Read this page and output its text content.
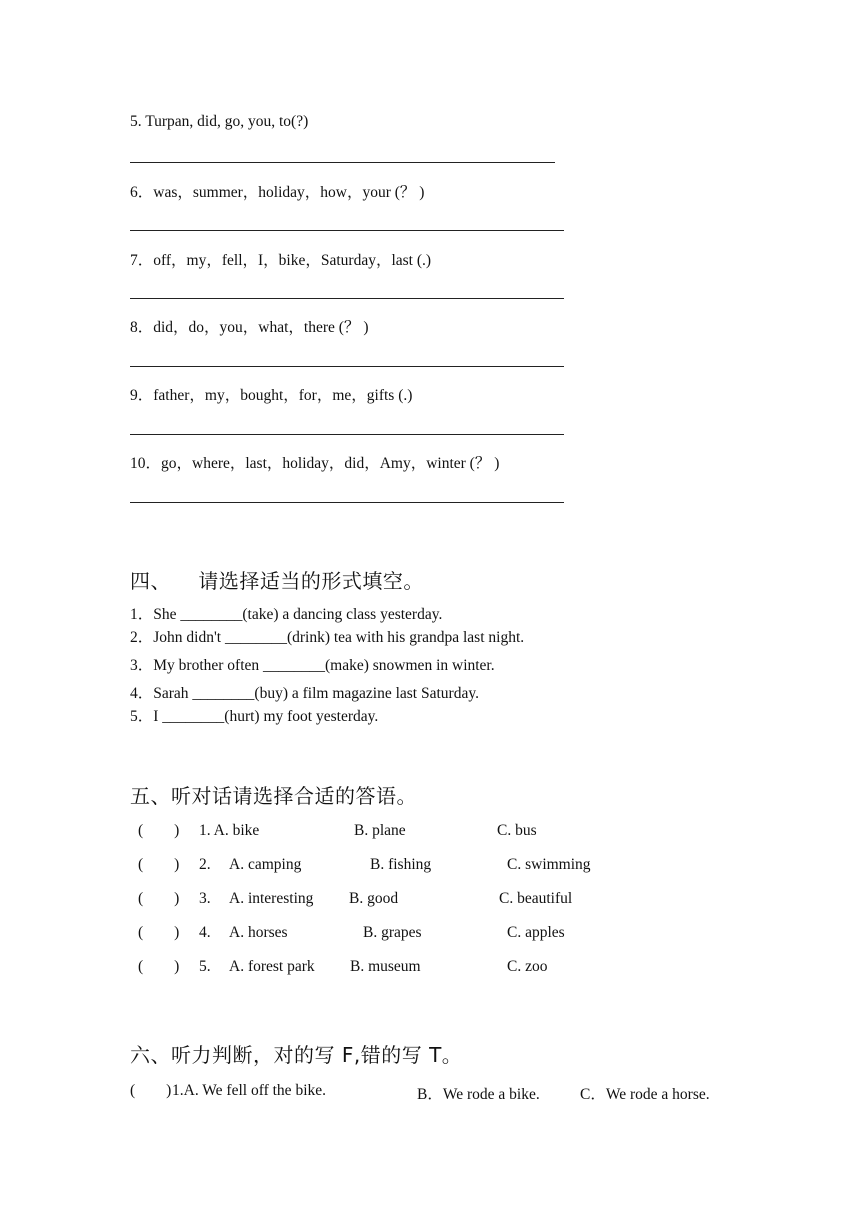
5. Turpan, did, go, you, to(?)
6．was，summer，holiday，how，your (？ )
7．off，my，fell，I，bike，Saturday，last (.)
8．did，do，you，what，there (？ )
9．father，my，bought，for，me，gifts (.)
10．go，where，last，holiday，did，Amy，winter (？ )
四、    请选择适当的形式填空。
1．She ________(take) a dancing class yesterday.
2．John didn't ________(drink) tea with his grandpa last night.
3．My brother often ________(make) snowmen in winter.
4．Sarah ________(buy) a film magazine last Saturday.
5．I ________(hurt) my foot yesterday.
五、听对话请选择合适的答语。
(        ) 1. A. bike	B. plane	C. bus
(        ) 2. A. camping	B. fishing	C. swimming
(        ) 3. A. interesting B. good	C. beautiful
(        ) 4. A. horses	B. grapes	C. apples
(        ) 5. A. forest park B. museum	C. zoo
六、听力判断，对的写 F,错的写 T。
(        ) 1.A. We fell off the bike.	B．We rode a bike.	C．We rode a horse.
